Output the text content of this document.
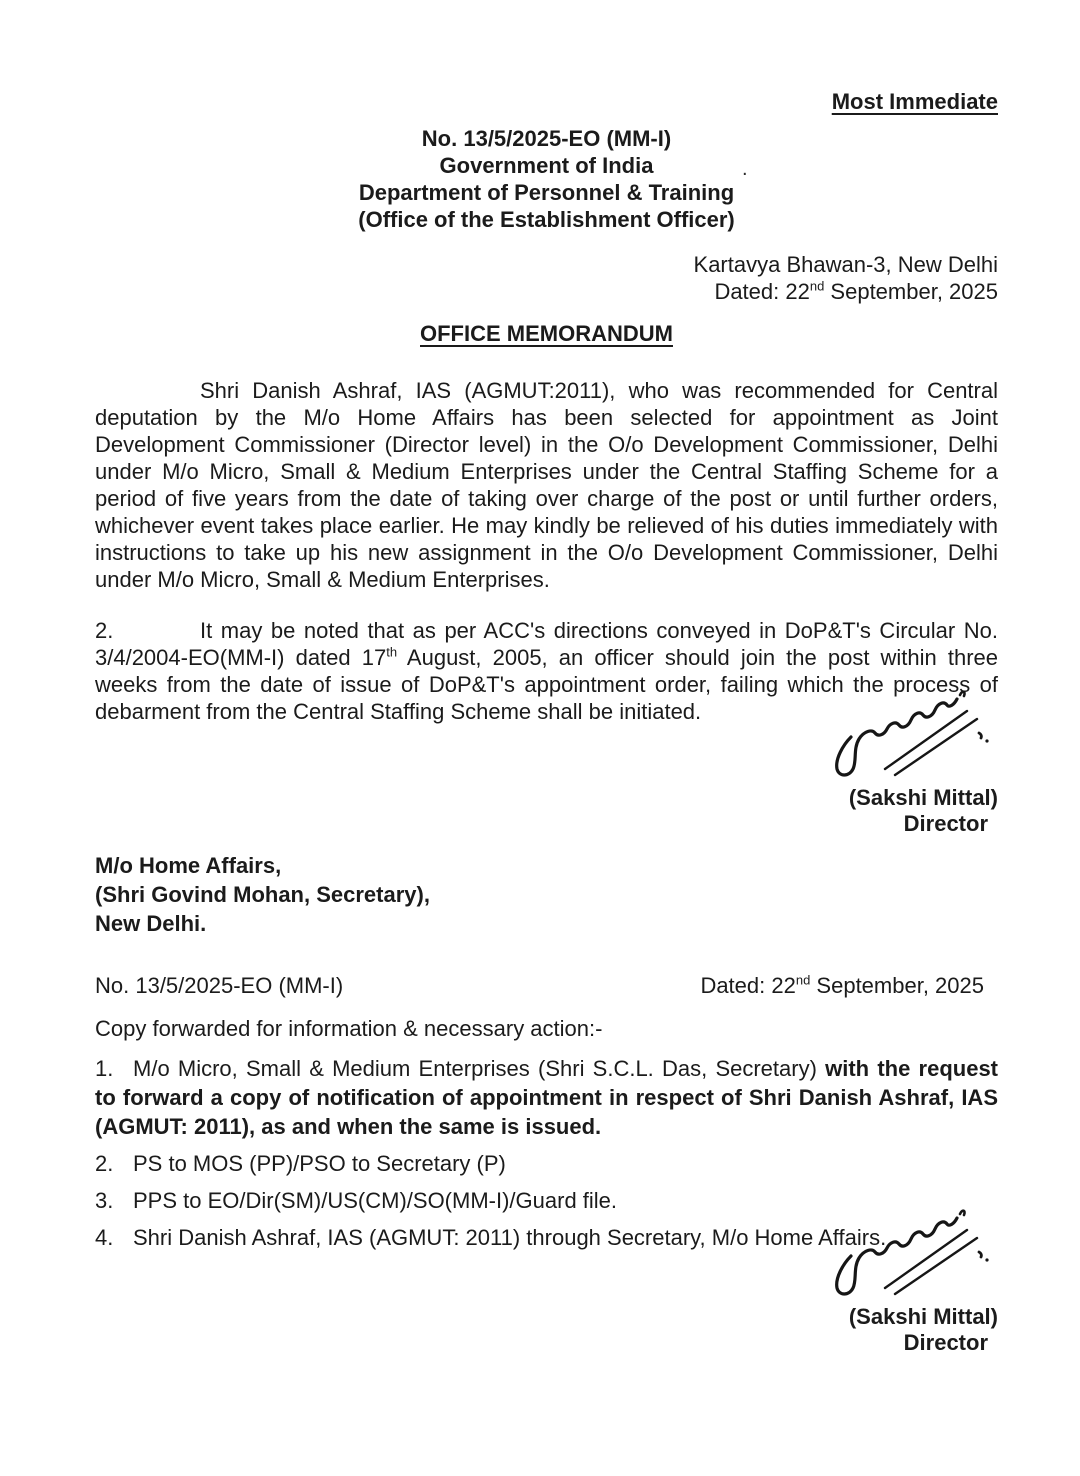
Most Immediate
.
No. 13/5/2025-EO (MM-I)
Government of India
Department of Personnel & Training
(Office of the Establishment Officer)
Kartavya Bhawan-3, New Delhi
Dated: 22nd September, 2025
OFFICE MEMORANDUM

Shri Danish Ashraf, IAS (AGMUT:2011), who was recommended for Central deputation by the M/o Home Affairs has been selected for appointment as Joint Development Commissioner (Director level) in the O/o Development Commissioner, Delhi under M/o Micro, Small & Medium Enterprises under the Central Staffing Scheme for a period of five years from the date of taking over charge of the post or until further orders, whichever event takes place earlier. He may kindly be relieved of his duties immediately with instructions to take up his new assignment in the O/o Development Commissioner, Delhi under M/o Micro, Small & Medium Enterprises.

2.	It may be noted that as per ACC's directions conveyed in DoP&T's Circular No. 3/4/2004-EO(MM-I) dated 17th August, 2005, an officer should join the post within three weeks from the date of issue of DoP&T's appointment order, failing which the process of debarment from the Central Staffing Scheme shall be initiated.

(Sakshi Mittal)
Director
M/o Home Affairs,
(Shri Govind Mohan, Secretary),
New Delhi.
No. 13/5/2025-EO (MM-I)	Dated: 22nd September, 2025
Copy forwarded for information & necessary action:-
1. M/o Micro, Small & Medium Enterprises (Shri S.C.L. Das, Secretary) with the request to forward a copy of notification of appointment in respect of Shri Danish Ashraf, IAS (AGMUT: 2011), as and when the same is issued.
2. PS to MOS (PP)/PSO to Secretary (P)
3. PPS to EO/Dir(SM)/US(CM)/SO(MM-I)/Guard file.
4. Shri Danish Ashraf, IAS (AGMUT: 2011) through Secretary, M/o Home Affairs.
(Sakshi Mittal)
Director
